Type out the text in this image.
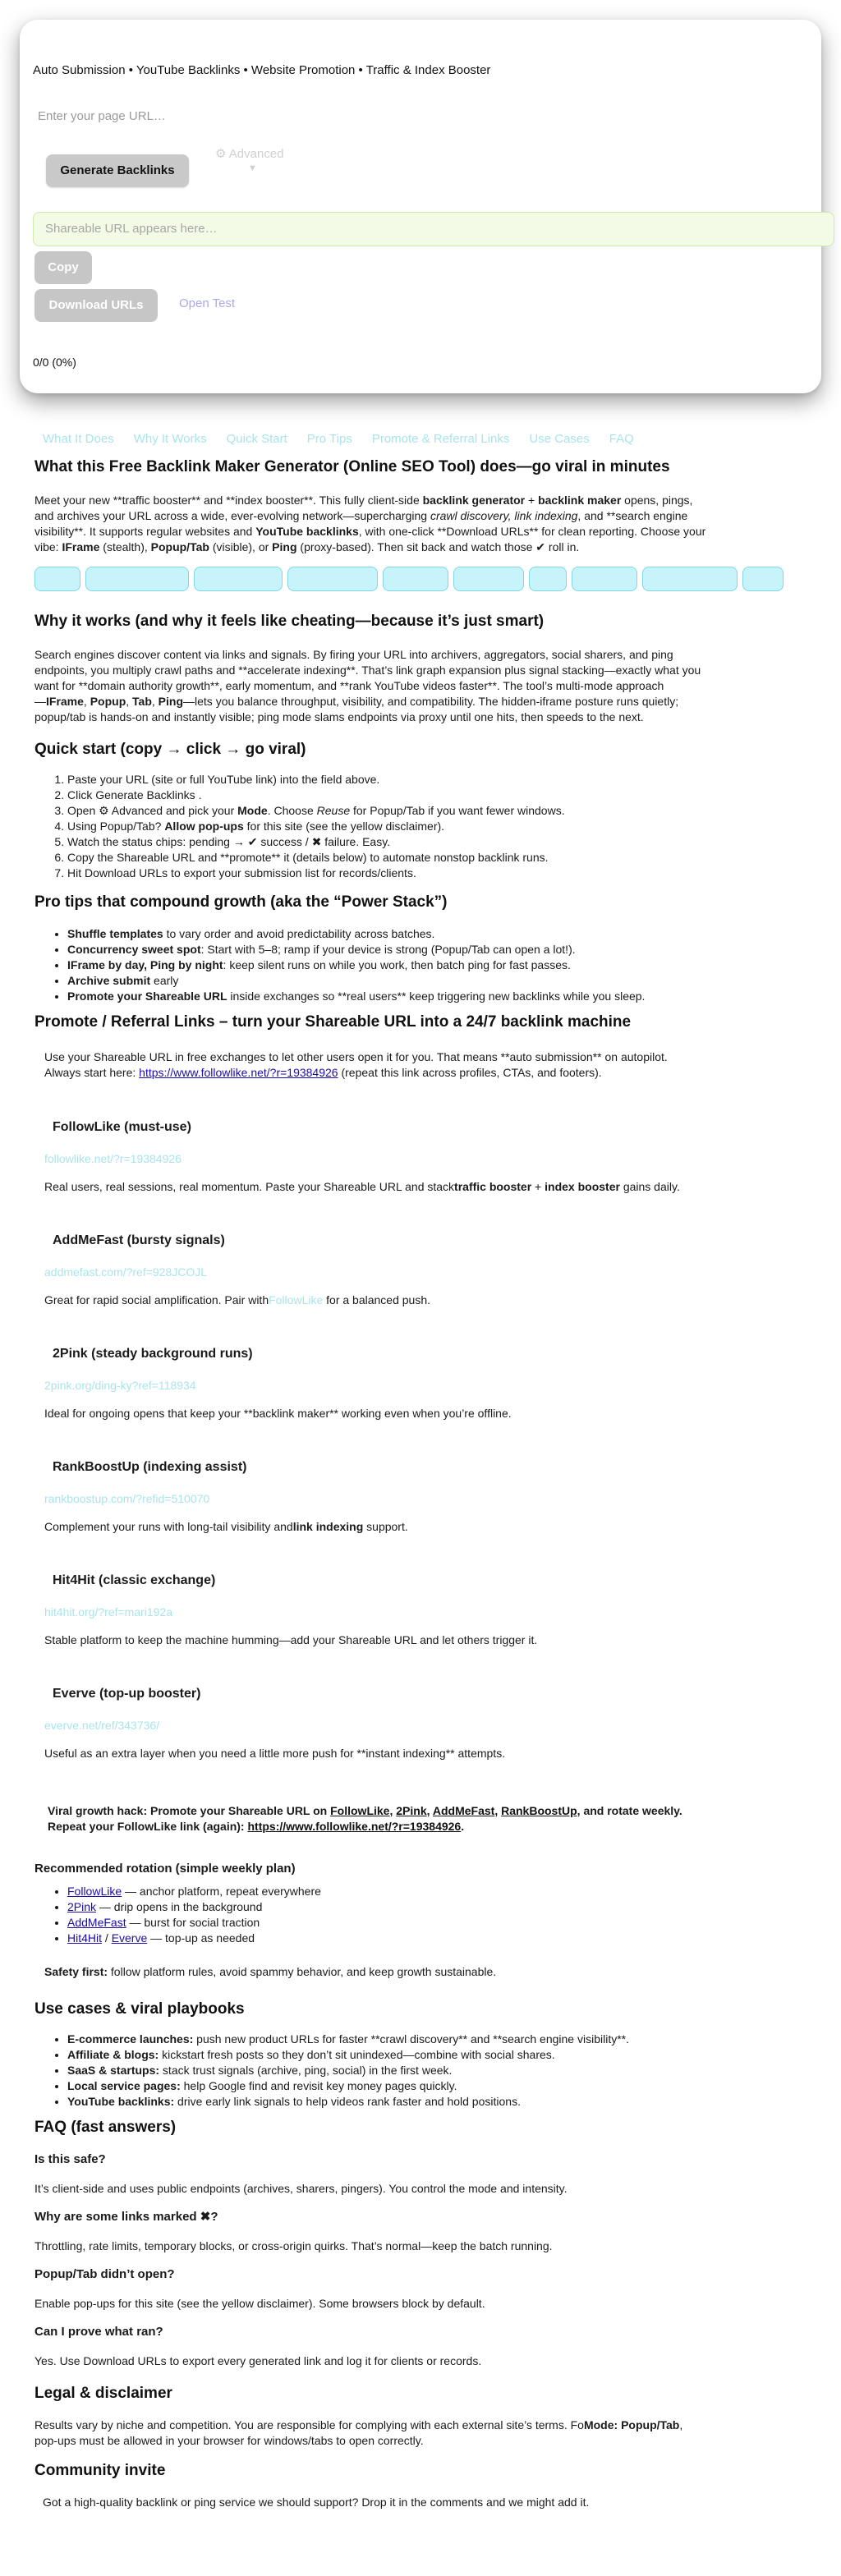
Auto Submission • YouTube Backlinks • Website Promotion • Traffic & Index Booster
Enter your page URL…
Generate Backlinks
⚙ Advanced
▼
Shareable URL appears here…
Copy
Download URLs	Open Test
0/0 (0%)
What It Does Why It Works Quick Start Pro Tips Promote & Referral Links Use Cases FAQ
What this Free Backlink Maker Generator (Online SEO Tool) does—go viral in minutes
Meet your new **traffic booster** and **index booster**. This fully client-side backlink generator + backlink maker opens, pings,
and archives your URL across a wide, ever-evolving network—supercharging crawl discovery, link indexing, and **search engine
visibility**. It supports regular websites and YouTube backlinks, with one-click **Download URLs** for clean reporting. Choose your
vibe: IFrame (stealth), Popup/Tab (visible), or Ping (proxy-based). Then sit back and watch those ✔ roll in.
Why it works (and why it feels like cheating—because it’s just smart)
Search engines discover content via links and signals. By firing your URL into archivers, aggregators, social sharers, and ping
endpoints, you multiply crawl paths and **accelerate indexing**. That’s link graph expansion plus signal stacking—exactly what you
want for **domain authority growth**, early momentum, and **rank YouTube videos faster**. The tool’s multi-mode approach
—IFrame, Popup, Tab, Ping—lets you balance throughput, visibility, and compatibility. The hidden-iframe posture runs quietly;
popup/tab is hands-on and instantly visible; ping mode slams endpoints via proxy until one hits, then speeds to the next.
Quick start (copy → click → go viral)
1. Paste your URL (site or full YouTube link) into the field above.
2. Click Generate Backlinks .
3. Open ⚙ Advanced and pick your Mode. Choose Reuse for Popup/Tab if you want fewer windows.
4. Using Popup/Tab? Allow pop-ups for this site (see the yellow disclaimer).
5. Watch the status chips: pending → ✔ success / ✖ failure. Easy.
6. Copy the Shareable URL and **promote** it (details below) to automate nonstop backlink runs.
7. Hit Download URLs to export your submission list for records/clients.
Pro tips that compound growth (aka the “Power Stack”)
• Shuffle templates to vary order and avoid predictability across batches.
• Concurrency sweet spot: Start with 5–8; ramp if your device is strong (Popup/Tab can open a lot!).
• IFrame by day, Ping by night: keep silent runs on while you work, then batch ping for fast passes.
• Archive submit early
• Promote your Shareable URL inside exchanges so **real users** keep triggering new backlinks while you sleep.
Promote / Referral Links – turn your Shareable URL into a 24/7 backlink machine
Use your Shareable URL in free exchanges to let other users open it for you. That means **auto submission** on autopilot.
Always start here: https://www.followlike.net/?r=19384926 (repeat this link across profiles, CTAs, and footers).
FollowLike (must-use)
followlike.net/?r=19384926
Real users, real sessions, real momentum. Paste your Shareable URL and stacktraffic booster + index booster gains daily.
AddMeFast (bursty signals)
addmefast.com/?ref=928JCOJL
Great for rapid social amplification. Pair withFollowLike for a balanced push.
2Pink (steady background runs)
2pink.org/ding-ky?ref=118934
Ideal for ongoing opens that keep your **backlink maker** working even when you’re offline.
RankBoostUp (indexing assist)
rankboostup.com/?refid=510070
Complement your runs with long-tail visibility andlink indexing support.
Hit4Hit (classic exchange)
hit4hit.org/?ref=mari192a
Stable platform to keep the machine humming—add your Shareable URL and let others trigger it.
Everve (top-up booster)
everve.net/ref/343736/
Useful as an extra layer when you need a little more push for **instant indexing** attempts.
Viral growth hack: Promote your Shareable URL on FollowLike, 2Pink, AddMeFast, RankBoostUp, and rotate weekly.
Repeat your FollowLike link (again): https://www.followlike.net/?r=19384926.
Recommended rotation (simple weekly plan)
• FollowLike — anchor platform, repeat everywhere
• 2Pink — drip opens in the background
• AddMeFast — burst for social traction
• Hit4Hit / Everve — top-up as needed
Safety first: follow platform rules, avoid spammy behavior, and keep growth sustainable.
Use cases & viral playbooks
• E-commerce launches: push new product URLs for faster **crawl discovery** and **search engine visibility**.
• Affiliate & blogs: kickstart fresh posts so they don’t sit unindexed—combine with social shares.
• SaaS & startups: stack trust signals (archive, ping, social) in the first week.
• Local service pages: help Google find and revisit key money pages quickly.
• YouTube backlinks: drive early link signals to help videos rank faster and hold positions.
FAQ (fast answers)
Is this safe?
It’s client-side and uses public endpoints (archives, sharers, pingers). You control the mode and intensity.
Why are some links marked ✖?
Throttling, rate limits, temporary blocks, or cross-origin quirks. That’s normal—keep the batch running.
Popup/Tab didn’t open?
Enable pop-ups for this site (see the yellow disclaimer). Some browsers block by default.
Can I prove what ran?
Yes. Use Download URLs to export every generated link and log it for clients or records.
Legal & disclaimer
Results vary by niche and competition. You are responsible for complying with each external site’s terms. FoMode: Popup/Tab,
pop-ups must be allowed in your browser for windows/tabs to open correctly.
Community invite
Got a high-quality backlink or ping service we should support? Drop it in the comments and we might add it.
